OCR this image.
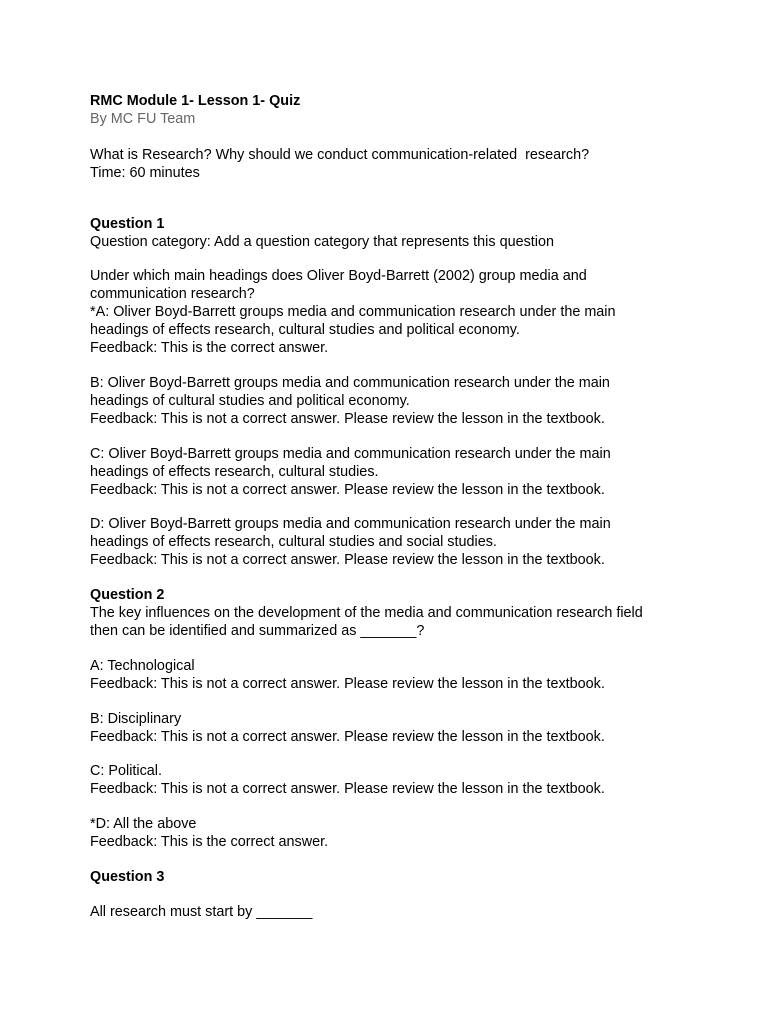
RMC Module 1- Lesson 1- Quiz
By MC FU Team
What is Research? Why should we conduct communication-related  research?
Time: 60 minutes
Question 1
Question category: Add a question category that represents this question
Under which main headings does Oliver Boyd-Barrett (2002) group media and
communication research?
*A: Oliver Boyd-Barrett groups media and communication research under the main
headings of effects research, cultural studies and political economy.
Feedback: This is the correct answer.
B: Oliver Boyd-Barrett groups media and communication research under the main
headings of cultural studies and political economy.
Feedback: This is not a correct answer. Please review the lesson in the textbook.
C: Oliver Boyd-Barrett groups media and communication research under the main
headings of effects research, cultural studies.
Feedback: This is not a correct answer. Please review the lesson in the textbook.
D: Oliver Boyd-Barrett groups media and communication research under the main
headings of effects research, cultural studies and social studies.
Feedback: This is not a correct answer. Please review the lesson in the textbook.
Question 2
The key influences on the development of the media and communication research field
then can be identified and summarized as _______?
A: Technological
Feedback: This is not a correct answer. Please review the lesson in the textbook.
B: Disciplinary
Feedback: This is not a correct answer. Please review the lesson in the textbook.
C: Political.
Feedback: This is not a correct answer. Please review the lesson in the textbook.
*D: All the above
Feedback: This is the correct answer.
Question 3
All research must start by _______
